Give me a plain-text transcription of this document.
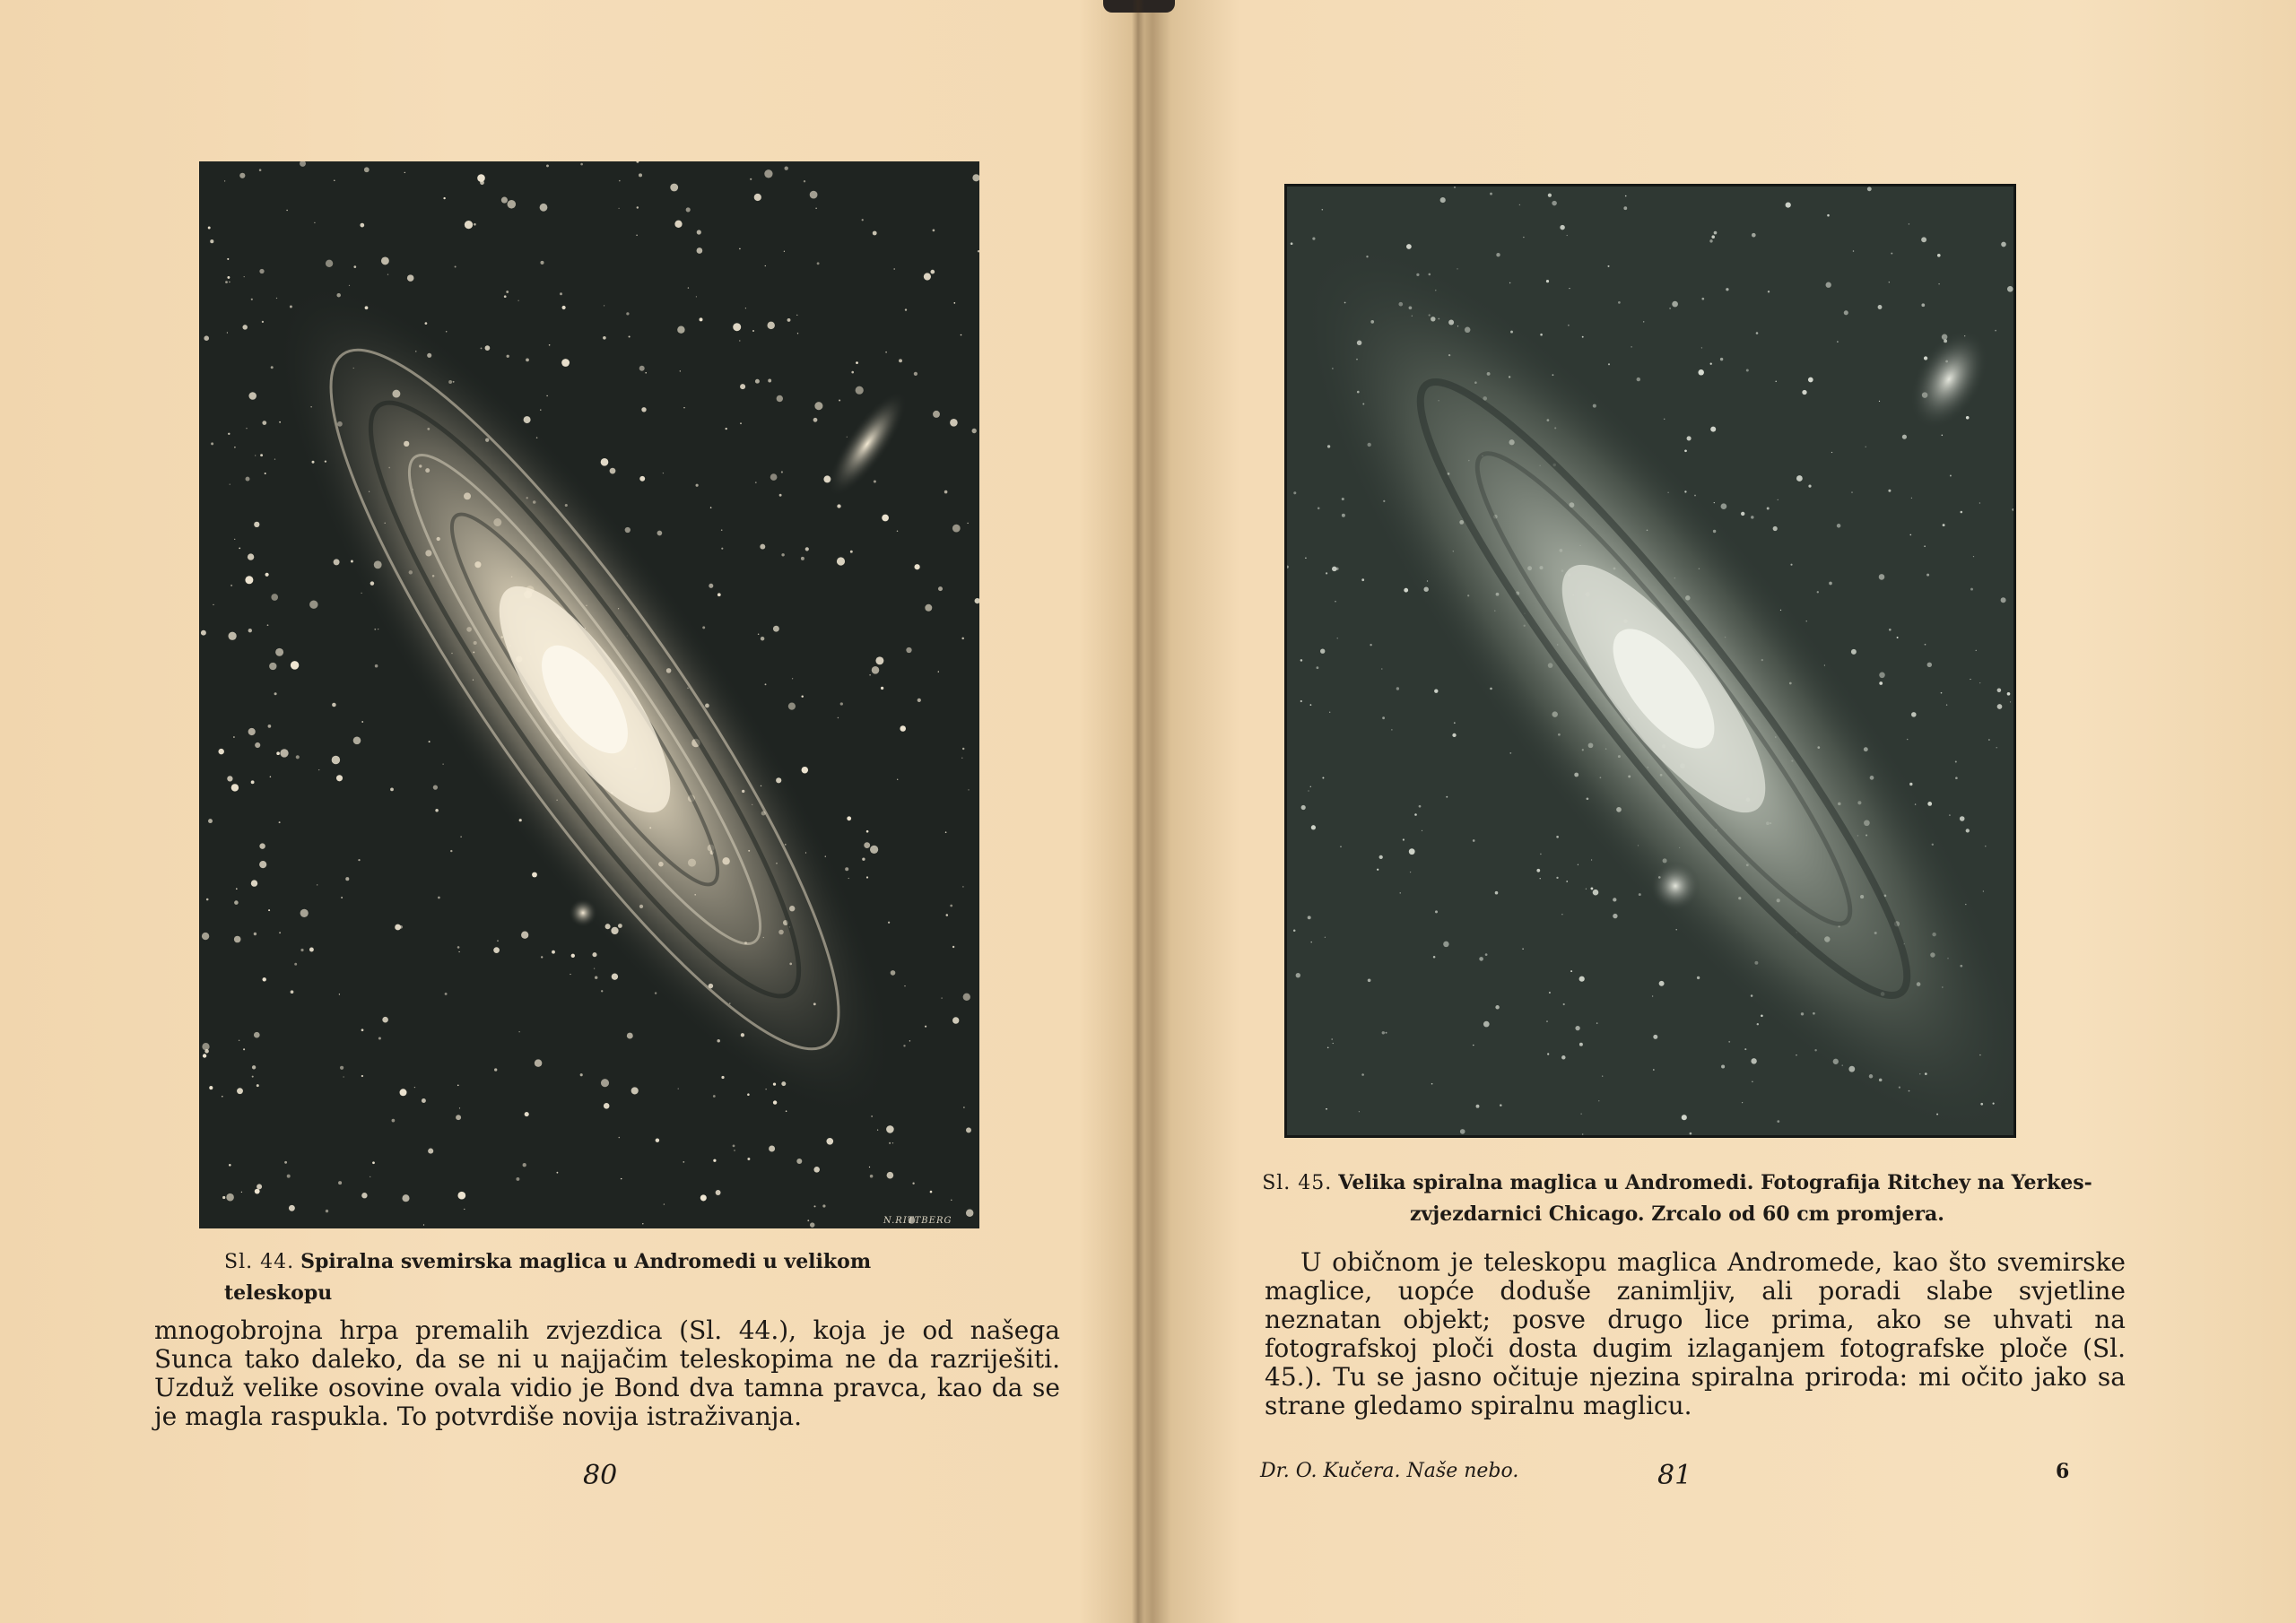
N.RITTBERG
Sl. 44. Spiralna svemirska maglica u Andromedi u velikom teleskopu
mnogobrojna hrpa premalih zvjezdica (Sl. 44.), koja je od našega Sunca tako daleko, da se ni u najjačim teleskopima ne da razriješiti. Uzduž velike osovine ovala vidio je Bond dva tamna pravca, kao da se je magla raspukla. To potvrdiše novija istraživanja.
80
Sl. 45. Velika spiralna maglica u Andromedi. Fotografija Ritchey na Yerkes-
zvjezdarnici Chicago. Zrcalo od 60 cm promjera.
U običnom je teleskopu maglica Andromede, kao što svemirske maglice, uopće doduše zanimljiv, ali poradi slabe svjetline neznatan objekt; posve drugo lice prima, ako se uhvati na fotografskoj ploči dosta dugim izlaganjem fotografske ploče (Sl. 45.). Tu se jasno očituje njezina spiralna priroda: mi očito jako sa strane gledamo spiralnu maglicu.
Dr. O. Kučera. Naše nebo.	81	6
